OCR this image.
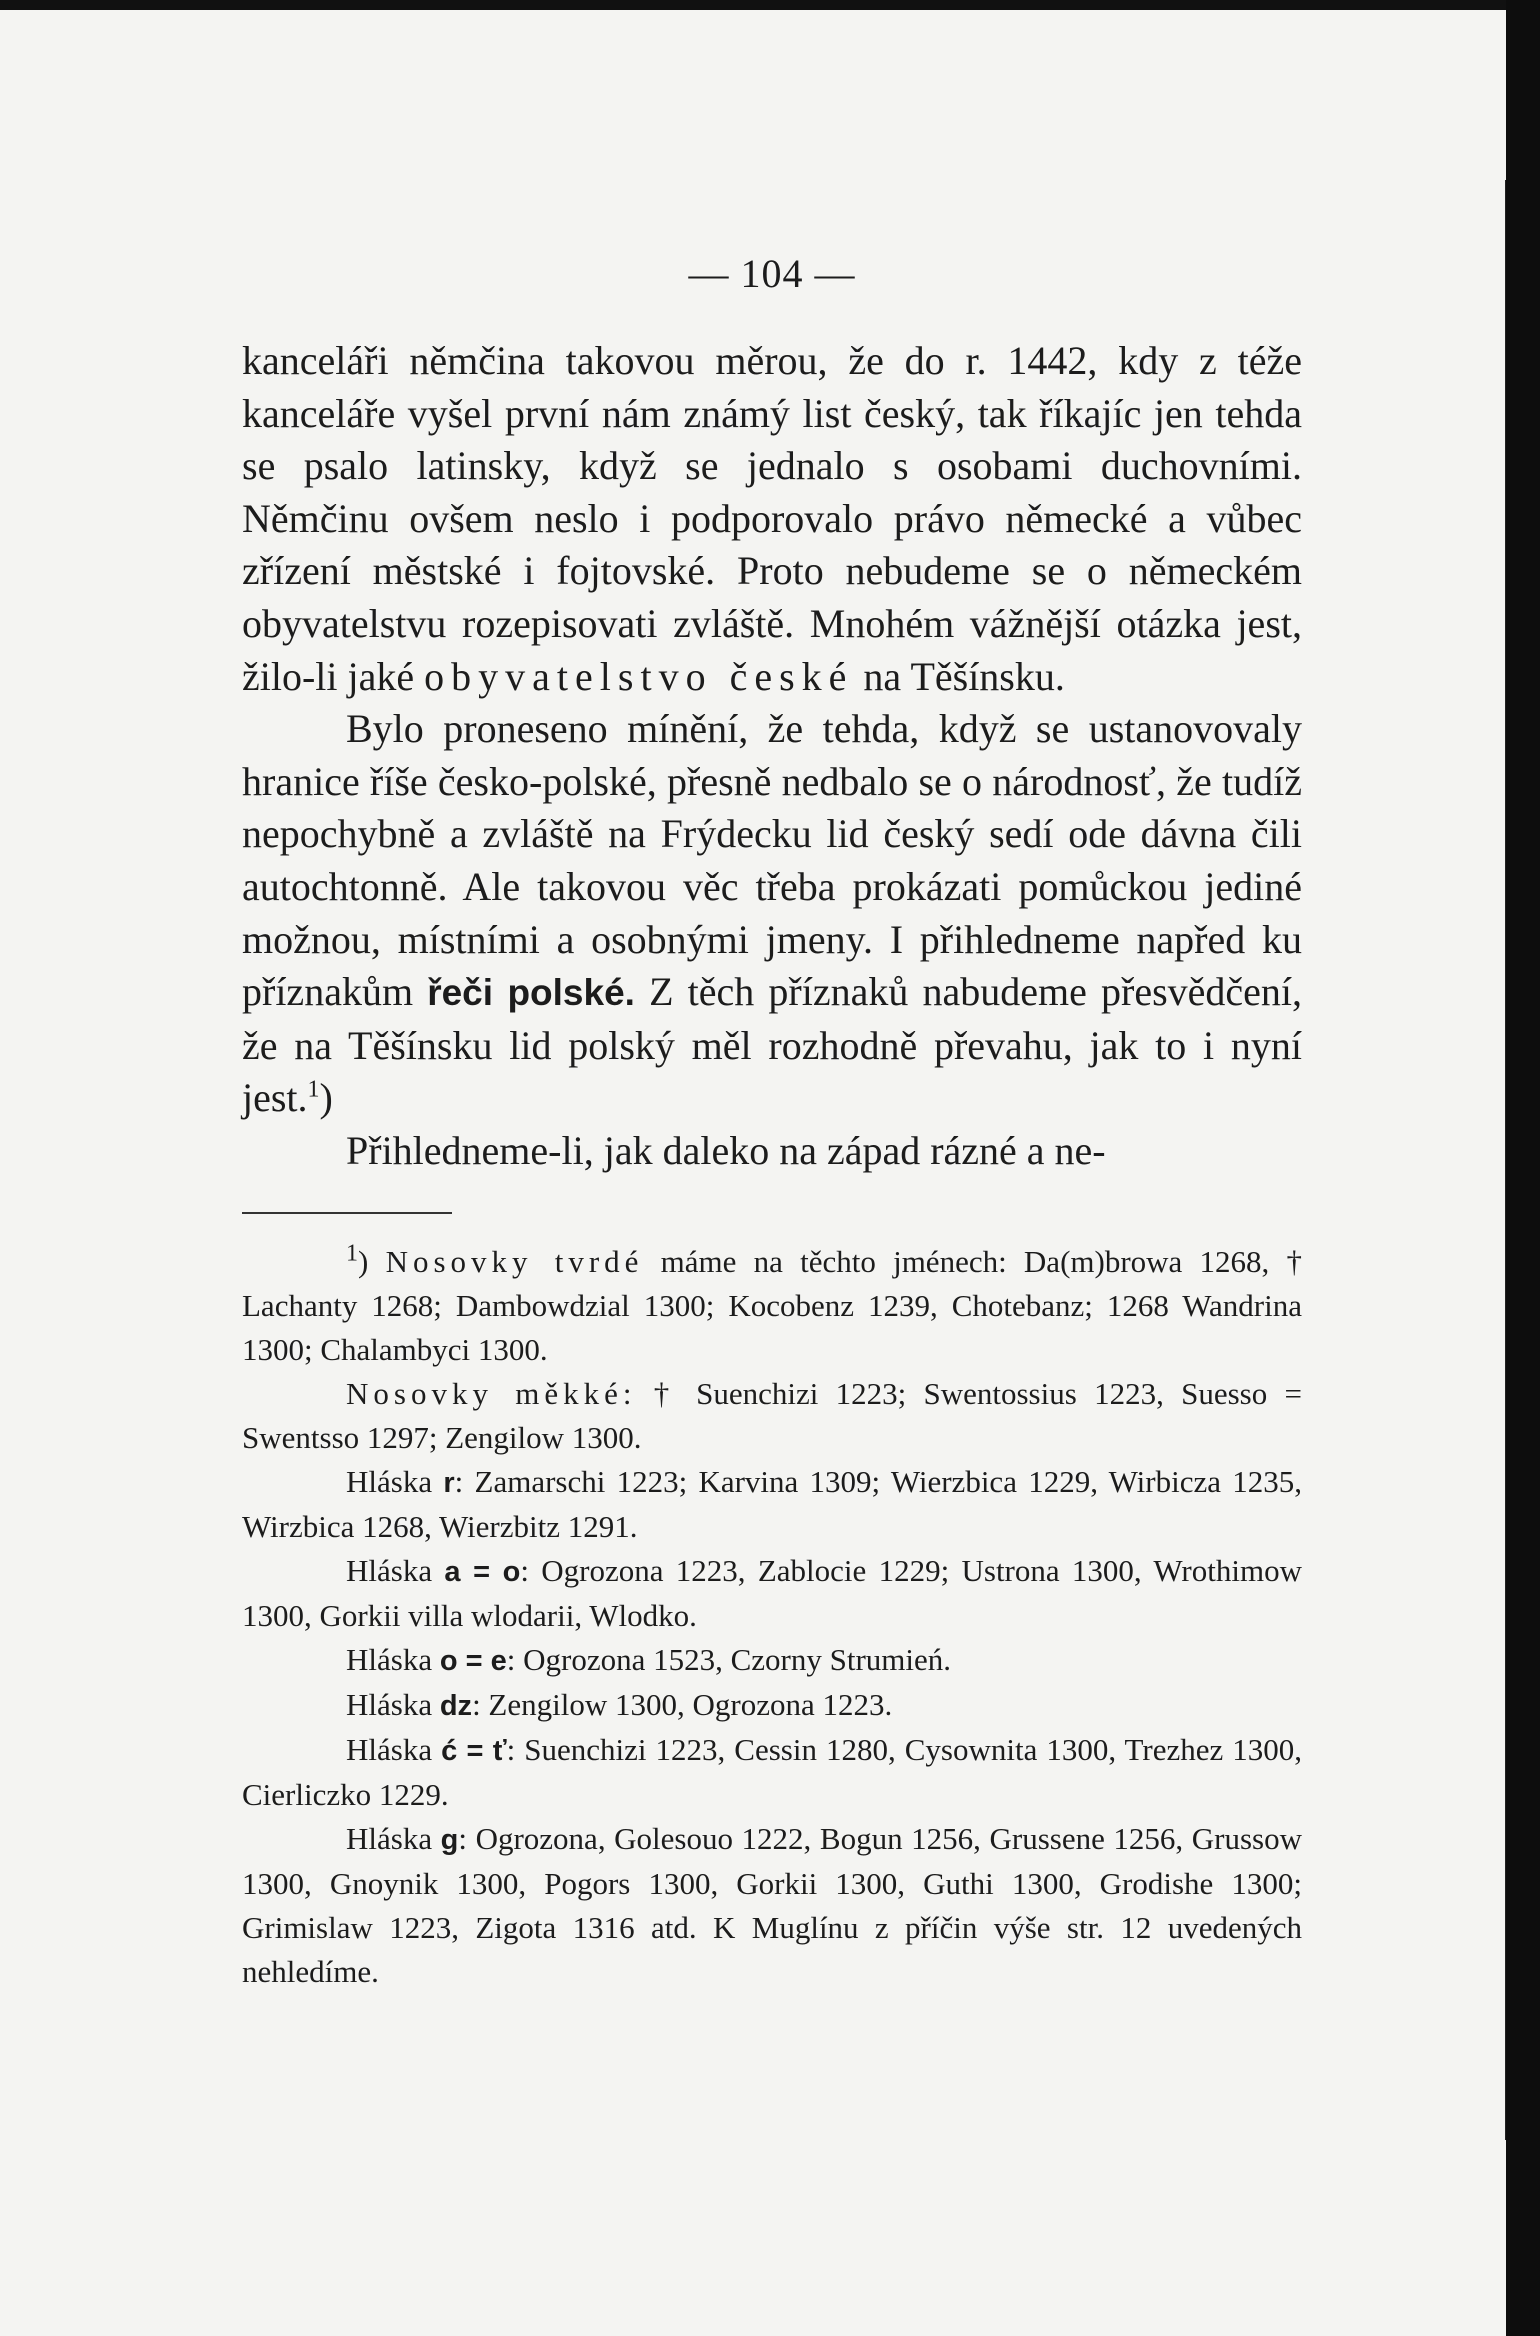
— 104 —

kanceláři němčina takovou měrou, že do r. 1442, kdy z téže kanceláře vyšel první nám známý list český, tak říkajíc jen tehda se psalo latinsky, když se jednalo s osobami duchovními. Němčinu ovšem neslo i podporovalo právo německé a vůbec zřízení městské i fojtovské. Proto nebudeme se o německém obyvatelstvu rozepisovati zvláště. Mnohém vážnější otázka jest, žilo-li jaké obyvatelstvo české na Těšínsku.

Bylo proneseno mínění, že tehda, když se ustanovovaly hranice říše česko-polské, přesně nedbalo se o národnosť, že tudíž nepochybně a zvláště na Frýdecku lid český sedí ode dávna čili autochtonně. Ale takovou věc třeba prokázati pomůckou jediné možnou, místními a osobnými jmeny. I přihledneme napřed ku příznakům řeči polské. Z těch příznaků nabudeme přesvědčení, že na Těšínsku lid polský měl rozhodně převahu, jak to i nyní jest.$^1$)

Přihledneme-li, jak daleko na západ rázné a ne-

$^1$) Nosovky tvrdé máme na těchto jménech: Da(m)browa 1268, † Lachanty 1268; Dambowdzial 1300; Kocobenz 1239, Chotebanz; 1268 Wandrina 1300; Chalambyci 1300.

Nosovky měkké: † Suenchizi 1223; Swentossius 1223, Suesso = Swentsso 1297; Zengilow 1300.

Hláska r: Zamarschi 1223; Karvina 1309; Wierzbica 1229, Wirbicza 1235, Wirzbica 1268, Wierzbitz 1291.

Hláska a = o: Ogrozona 1223, Zablocie 1229; Ustrona 1300, Wrothimow 1300, Gorkii villa wlodarii, Wlodko.

Hláska o = e: Ogrozona 1523, Czorny Strumień.

Hláska dz: Zengilow 1300, Ogrozona 1223.

Hláska ć = ť: Suenchizi 1223, Cessin 1280, Cysownita 1300, Trezhez 1300, Cierliczko 1229.

Hláska g: Ogrozona, Golesouo 1222, Bogun 1256, Grussene 1256, Grussow 1300, Gnoynik 1300, Pogors 1300, Gorkii 1300, Guthi 1300, Grodishe 1300; Grimislaw 1223, Zigota 1316 atd. K Muglínu z příčin výše str. 12 uvedených nehledíme.
